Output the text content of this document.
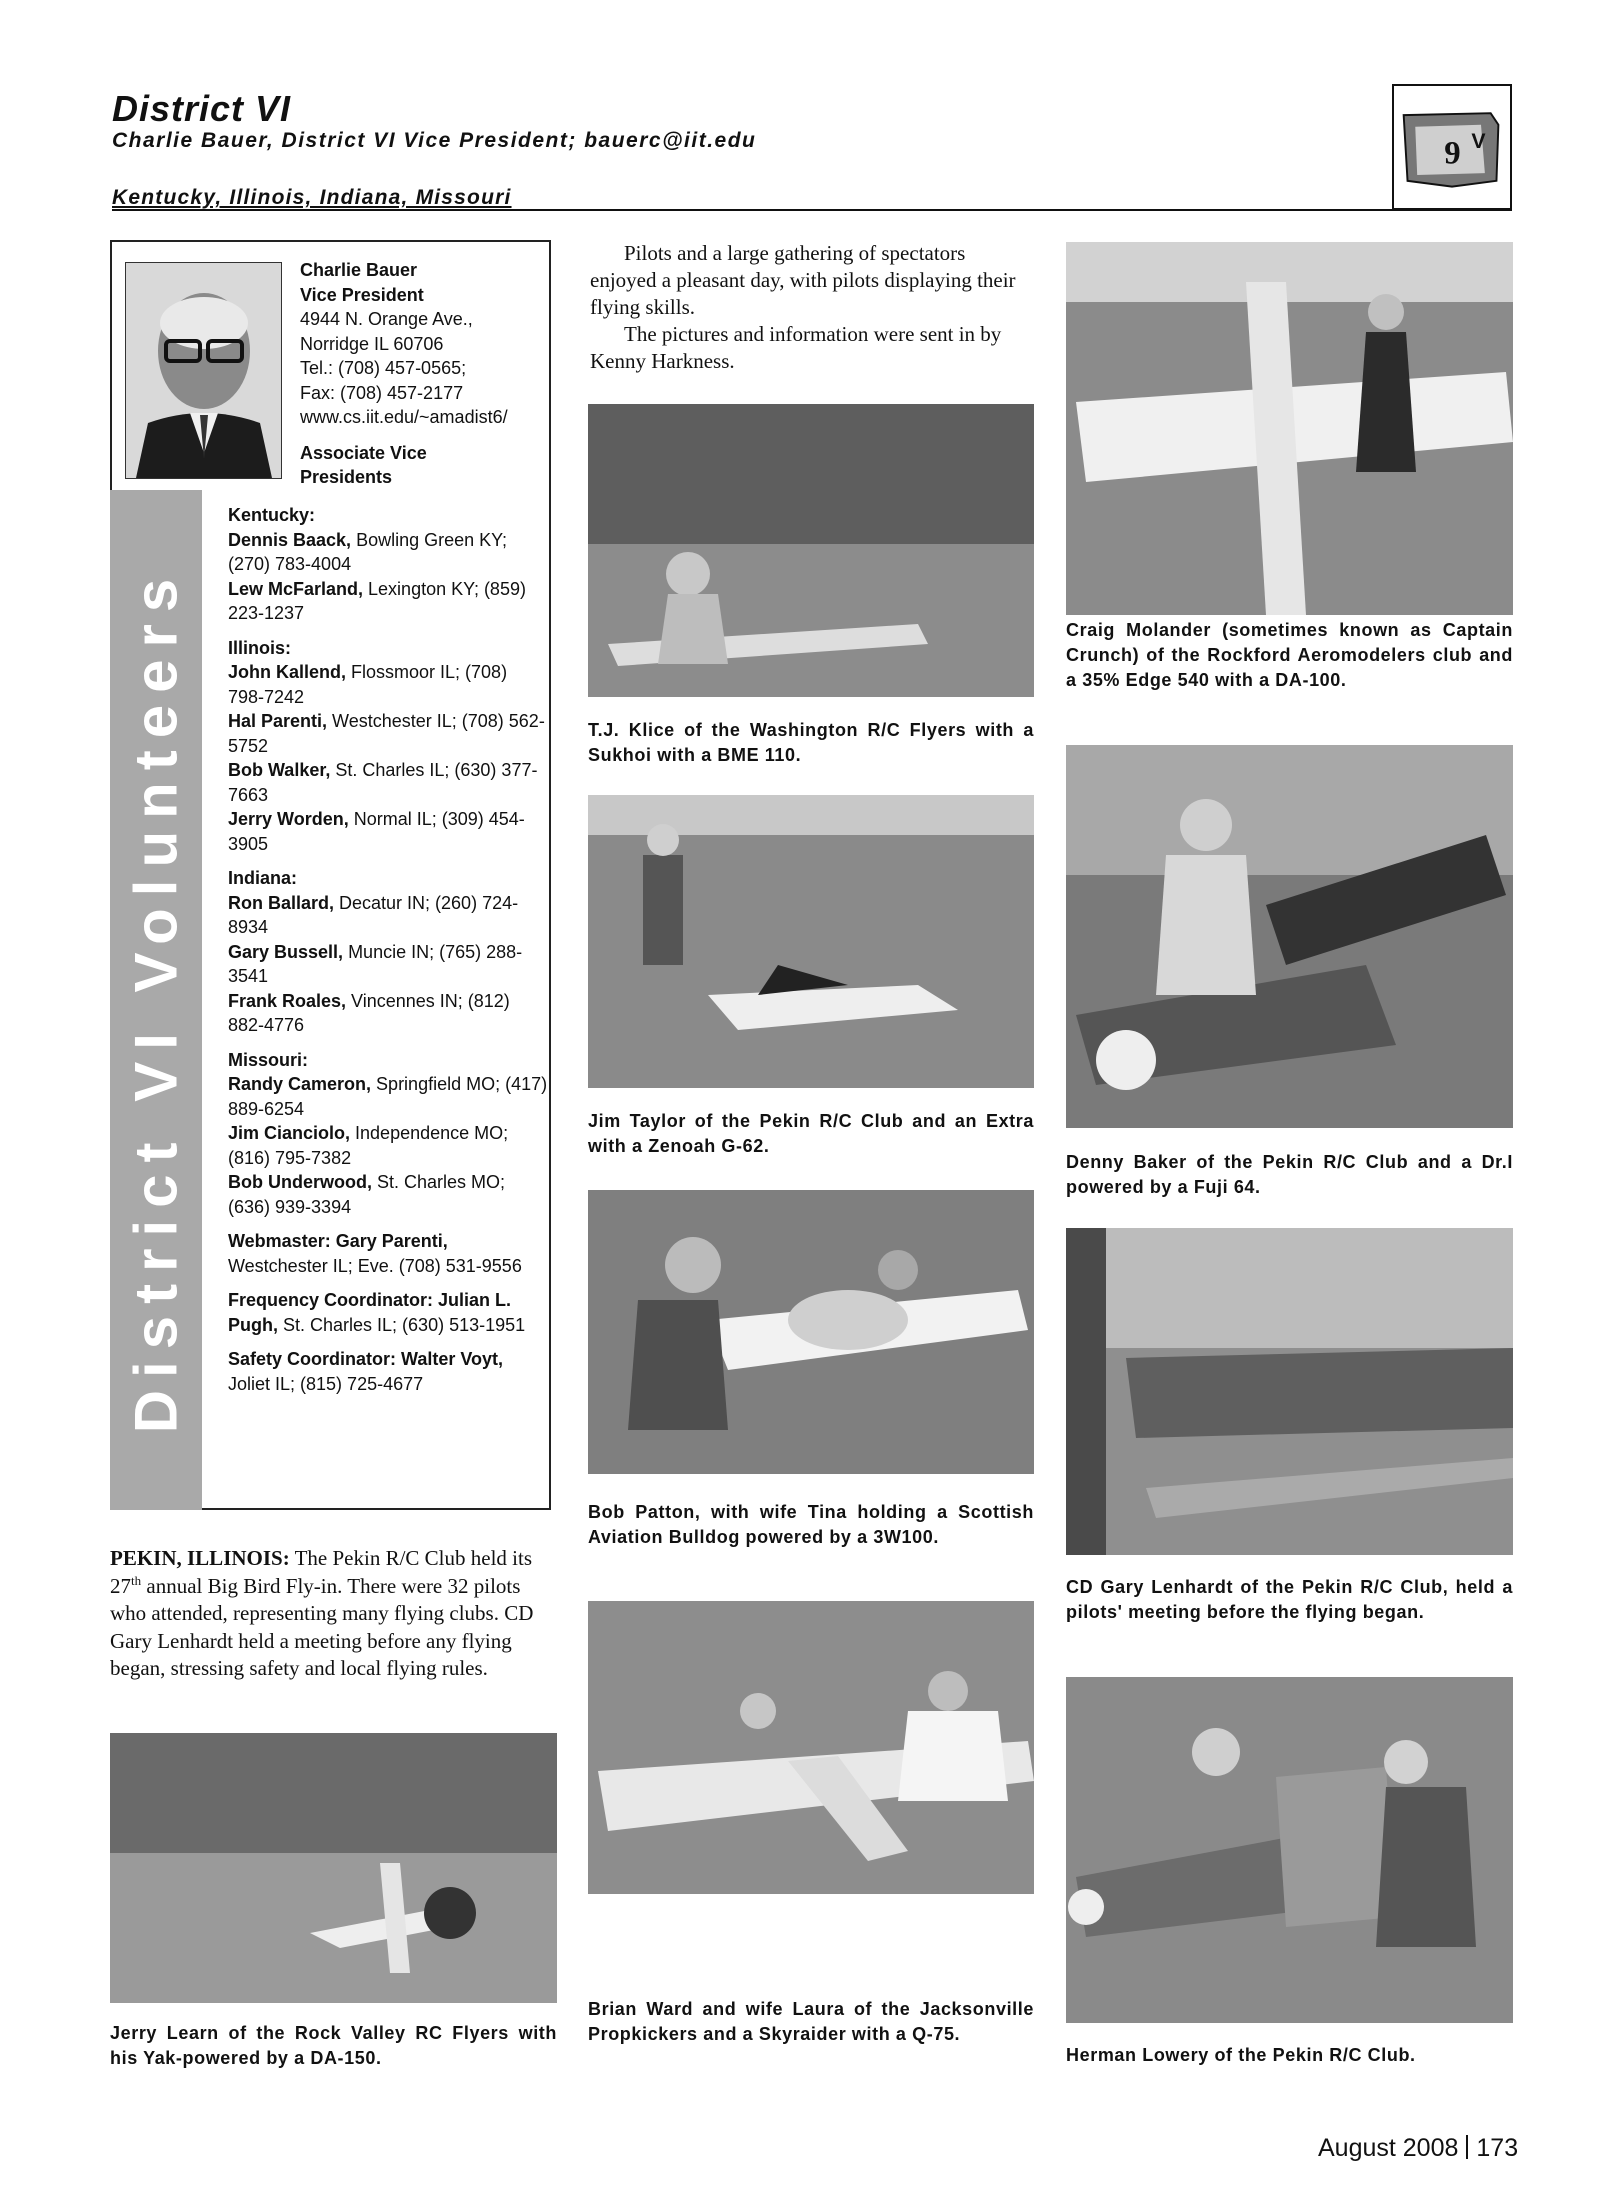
District VI
Charlie Bauer, District VI Vice President; bauerc@iit.edu
Kentucky, Illinois, Indiana, Missouri
9 V
District VI Volunteers
Charlie Bauer
Vice President
4944 N. Orange Ave.,
Norridge IL 60706
Tel.: (708) 457-0565;
Fax: (708) 457-2177
www.cs.iit.edu/~amadist6/
Associate Vice Presidents
Kentucky:
Dennis Baack, Bowling Green KY; (270) 783-4004
Lew McFarland, Lexington KY; (859) 223-1237
Illinois:
John Kallend, Flossmoor IL; (708) 798-7242
Hal Parenti, Westchester IL; (708) 562-5752
Bob Walker, St. Charles IL; (630) 377-7663
Jerry Worden, Normal IL; (309) 454-3905
Indiana:
Ron Ballard, Decatur IN; (260) 724-8934
Gary Bussell, Muncie IN; (765) 288-3541
Frank Roales, Vincennes IN; (812) 882-4776
Missouri:
Randy Cameron, Springfield MO; (417) 889-6254
Jim Cianciolo, Independence MO; (816) 795-7382
Bob Underwood, St. Charles MO; (636) 939-3394
Webmaster: Gary Parenti, Westchester IL; Eve. (708) 531-9556
Frequency Coordinator: Julian L. Pugh, St. Charles IL; (630) 513-1951
Safety Coordinator: Walter Voyt, Joliet IL; (815) 725-4677

Pilots and a large gathering of spectators enjoyed a pleasant day, with pilots displaying their flying skills.

The pictures and information were sent in by Kenny Harkness.

PEKIN, ILLINOIS: The Pekin R/C Club held its 27th annual Big Bird Fly-in. There were 32 pilots who attended, representing many flying clubs. CD Gary Lenhardt held a meeting before any flying began, stressing safety and local flying rules.
Jerry Learn of the Rock Valley RC Flyers with his Yak-powered by a DA-150.
T.J. Klice of the Washington R/C Flyers with a Sukhoi with a BME 110.
Jim Taylor of the Pekin R/C Club and an Extra with a Zenoah G-62.
Bob Patton, with wife Tina holding a Scottish Aviation Bulldog powered by a 3W100.
Brian Ward and wife Laura of the Jacksonville Propkickers and a Skyraider with a Q-75.
Craig Molander (sometimes known as Captain Crunch) of the Rockford Aeromodelers club and a 35% Edge 540 with a DA-100.
Denny Baker of the Pekin R/C Club and a Dr.I powered by a Fuji 64.
CD Gary Lenhardt of the Pekin R/C Club, held a pilots' meeting before the flying began.
Herman Lowery of the Pekin R/C Club.
August 2008 173
